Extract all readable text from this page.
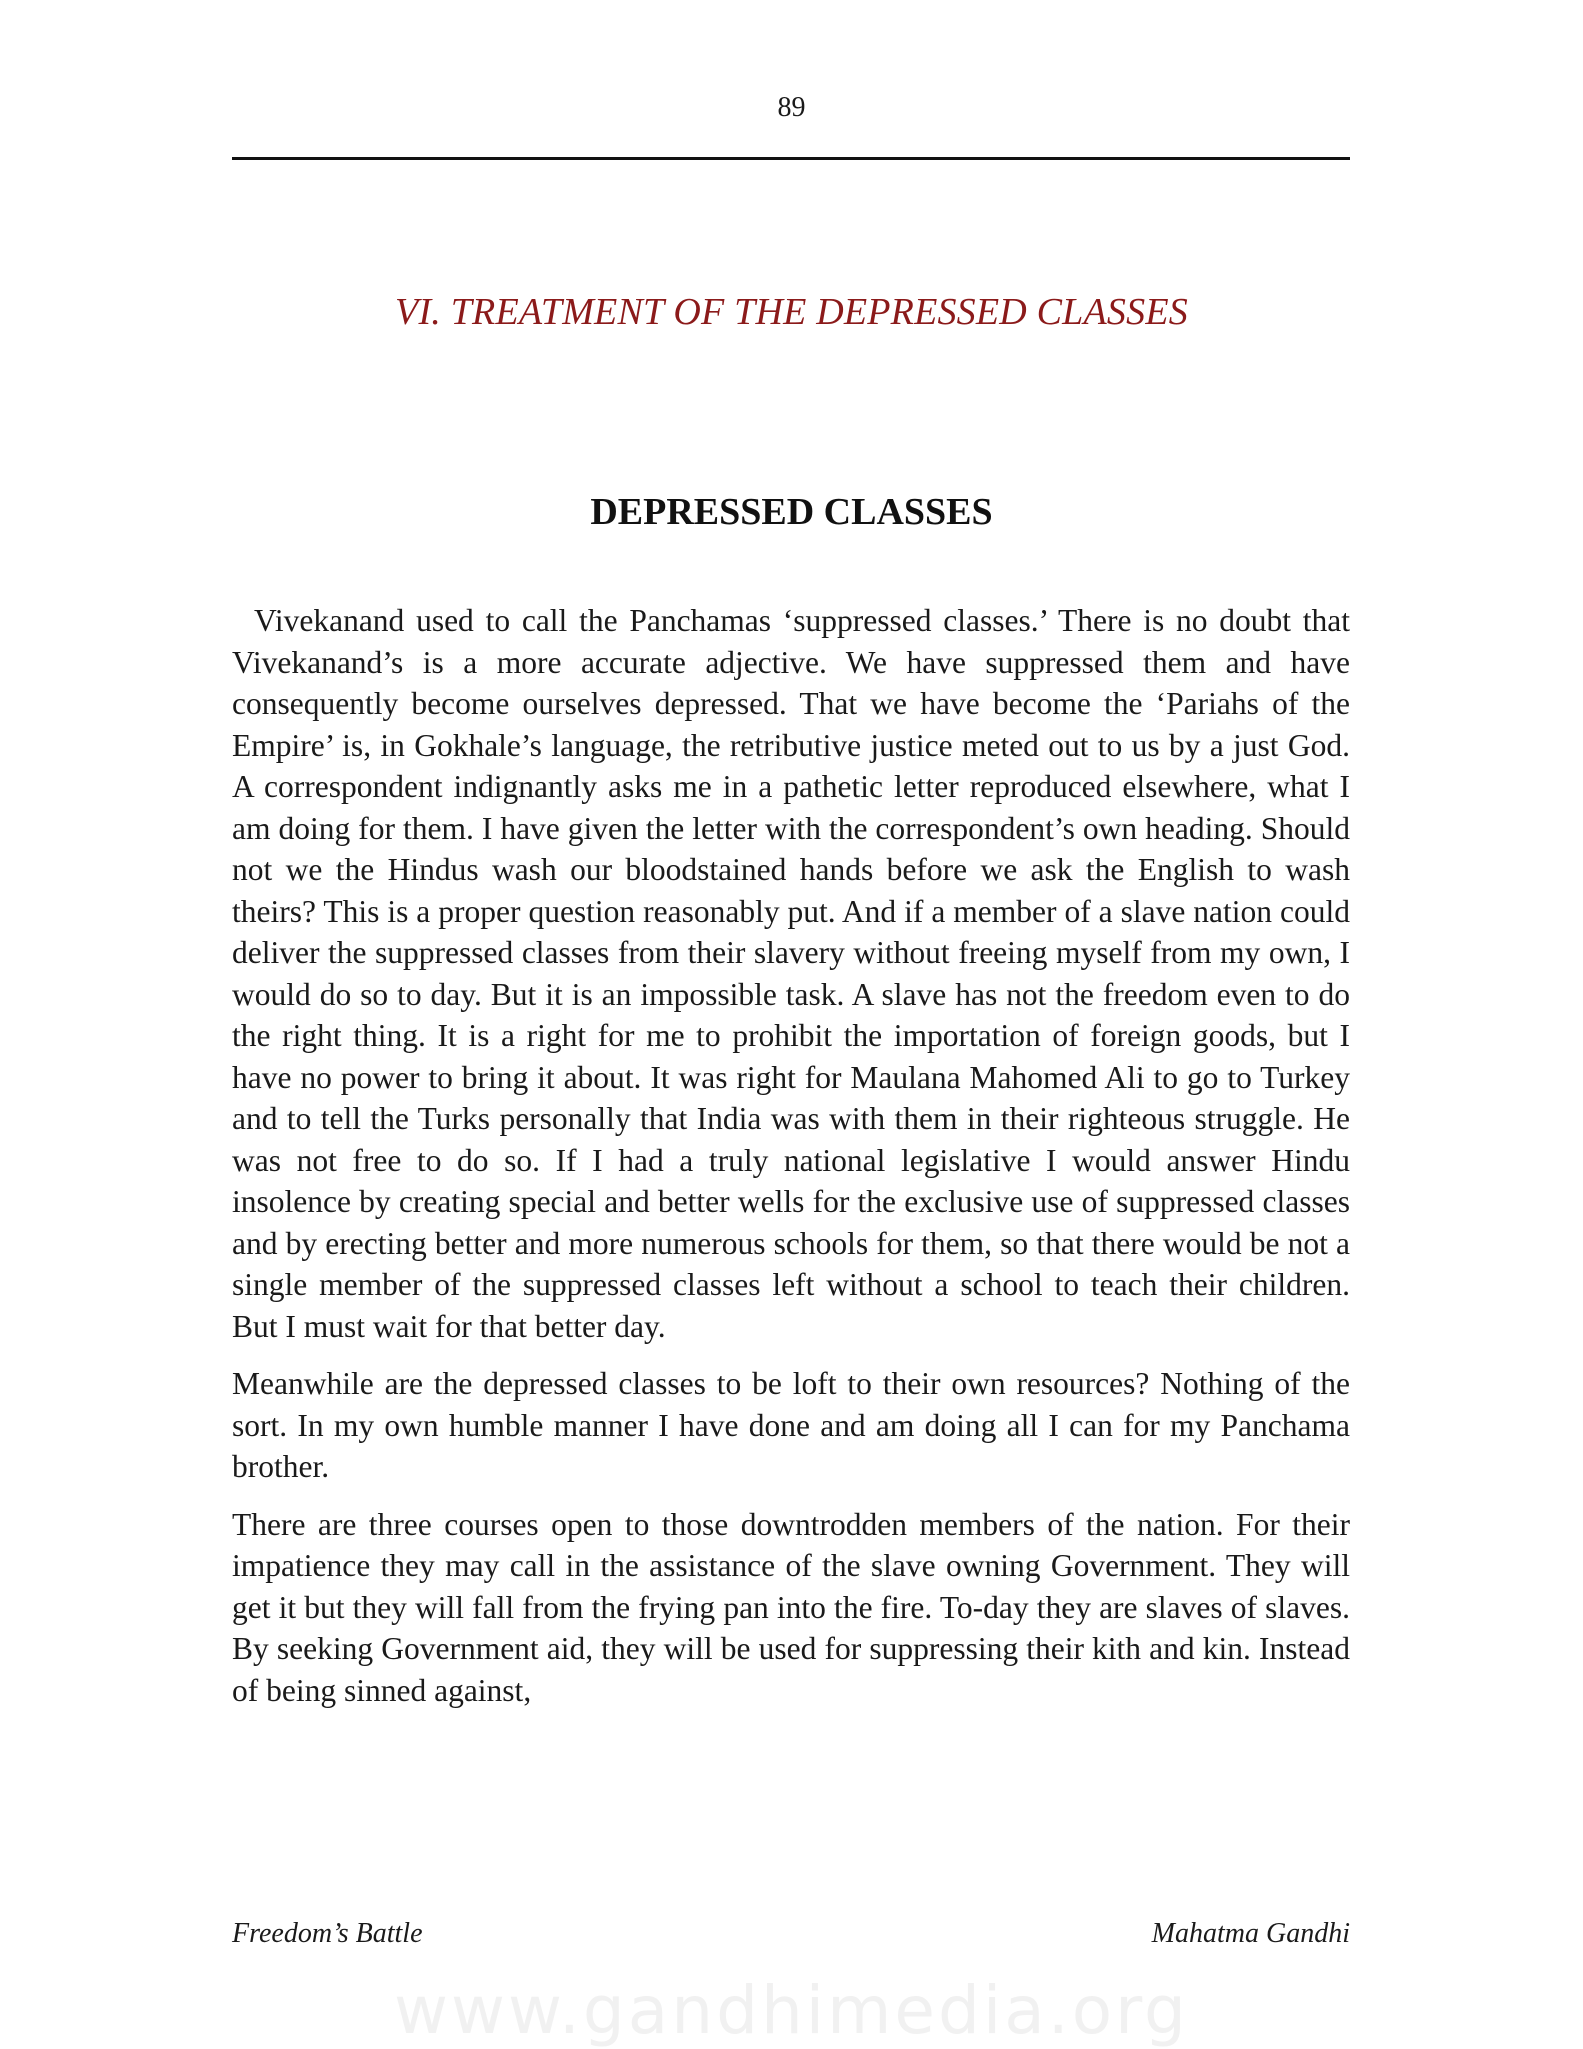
89
VI. TREATMENT OF THE DEPRESSED CLASSES
DEPRESSED CLASSES

Vivekanand used to call the Panchamas ‘suppressed classes.’ There is no doubt that Vivekanand’s is a more accurate adjective. We have suppressed them and have consequently become ourselves depressed. That we have become the ‘Pariahs of the Empire’ is, in Gokhale’s language, the retributive justice meted out to us by a just God. A correspondent indignantly asks me in a pathetic letter reproduced elsewhere, what I am doing for them. I have given the letter with the correspondent’s own heading. Should not we the Hindus wash our bloodstained hands before we ask the English to wash theirs? This is a proper question reasonably put. And if a member of a slave nation could deliver the suppressed classes from their slavery without freeing myself from my own, I would do so to day. But it is an impossible task. A slave has not the freedom even to do the right thing. It is a right for me to prohibit the importation of foreign goods, but I have no power to bring it about. It was right for Maulana Mahomed Ali to go to Turkey and to tell the Turks personally that India was with them in their righteous struggle. He was not free to do so. If I had a truly national legislative I would answer Hindu insolence by creating special and better wells for the exclusive use of suppressed classes and by erecting better and more numerous schools for them, so that there would be not a single member of the suppressed classes left without a school to teach their children. But I must wait for that better day.

Meanwhile are the depressed classes to be loft to their own resources? Nothing of the sort. In my own humble manner I have done and am doing all I can for my Panchama brother.

There are three courses open to those downtrodden members of the nation. For their impatience they may call in the assistance of the slave owning Government. They will get it but they will fall from the frying pan into the fire. To-day they are slaves of slaves. By seeking Government aid, they will be used for suppressing their kith and kin. Instead of being sinned against,

Freedom’s Battle	Mahatma Gandhi
www.gandhimedia.org
